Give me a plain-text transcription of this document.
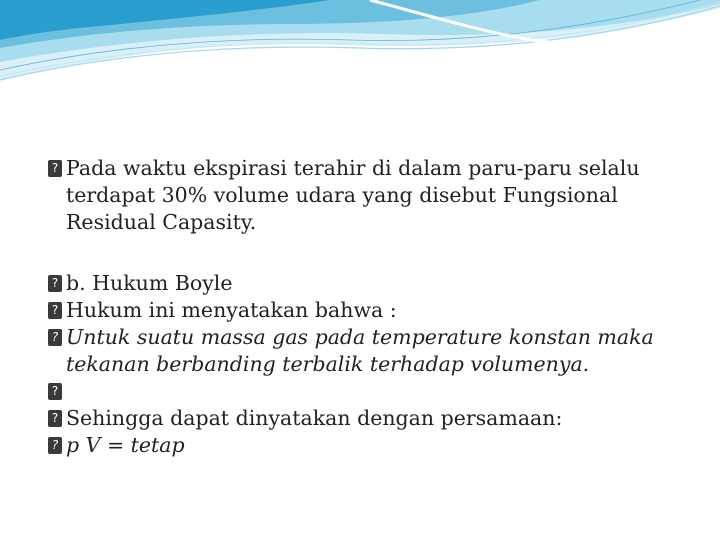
? Pada waktu ekspirasi terahir di dalam paru-paru selalu terdapat 30% volume udara yang disebut Fungsional Residual Capasity.

? b. Hukum Boyle

? Hukum ini menyatakan bahwa :

? Untuk suatu massa gas pada temperature konstan maka tekanan berbanding terbalik terhadap volumenya.

?

? Sehingga dapat dinyatakan dengan persamaan:

? p V = tetap
